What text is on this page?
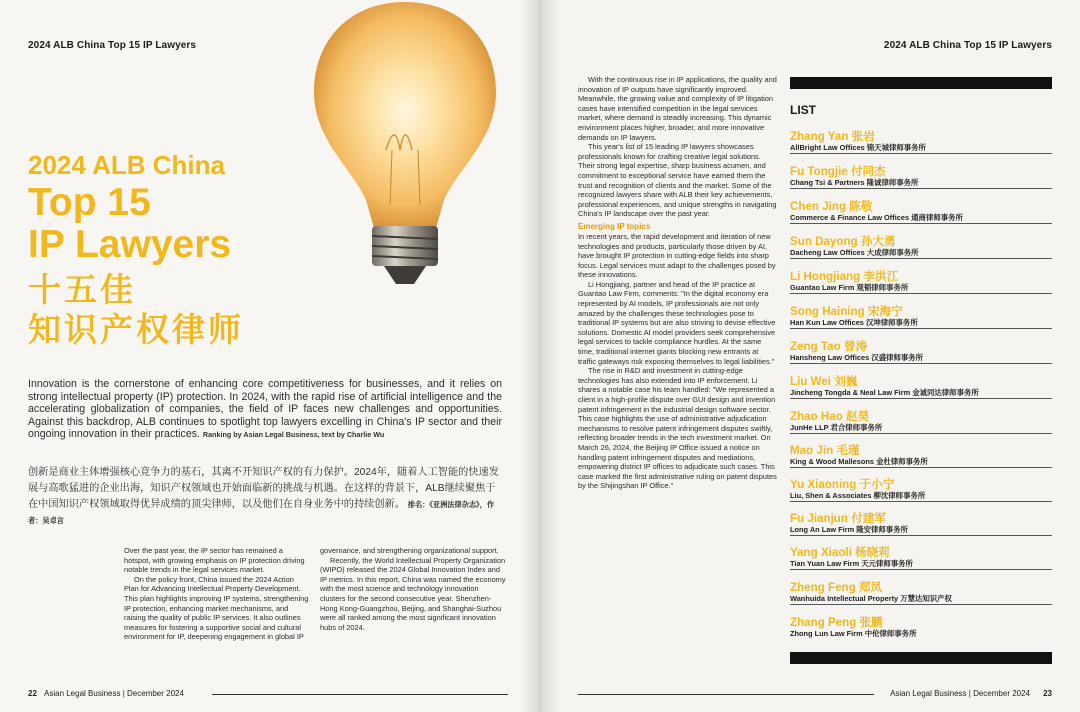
2024 ALB China Top 15 IP Lawyers
2024 ALB China
Top 15
IP Lawyers
十五佳
知识产权律师
Innovation is the cornerstone of enhancing core competitiveness for businesses, and it relies on strong intellectual property (IP) protection. In 2024, with the rapid rise of artificial intelligence and the accelerating globalization of companies, the field of IP faces new challenges and opportunities. Against this backdrop, ALB continues to spotlight top lawyers excelling in China's IP sector and their ongoing innovation in their practices. Ranking by Asian Legal Business, text by Charlie Wu
创新是商业主体增强核心竞争力的基石，其离不开知识产权的有力保护。2024年，随着人工智能的快速发展与高歌猛进的企业出海，知识产权领域也开始面临新的挑战与机遇。在这样的背景下，ALB继续聚焦于在中国知识产权领域取得优异成绩的顶尖律师，以及他们在自身业务中的持续创新。 排名：《亚洲法律杂志》，作者：吴卓言

Over the past year, the IP sector has remained a hotspot, with growing emphasis on IP protection driving notable trends in the legal services market.

On the policy front, China issued the 2024 Action Plan for Advancing Intellectual Property Development. This plan highlights improving IP systems, strengthening IP protection, enhancing market mechanisms, and raising the quality of public IP services. It also outlines measures for fostering a supportive social and cultural environment for IP, deepening engagement in global IP

governance, and strengthening organizational support.

Recently, the World Intellectual Property Organization (WIPO) released the 2024 Global Innovation Index and IP metrics. In this report, China was named the economy with the most science and technology innovation clusters for the second consecutive year. Shenzhen-Hong Kong-Guangzhou, Beijing, and Shanghai-Suzhou were all ranked among the most significant innovation hubs of 2024.

22 Asian Legal Business | December 2024
2024 ALB China Top 15 IP Lawyers

With the continuous rise in IP applications, the quality and innovation of IP outputs have significantly improved. Meanwhile, the growing value and complexity of IP litigation cases have intensified competition in the legal services market, where demand is steadily increasing. This dynamic environment places higher, broader, and more innovative demands on IP lawyers.

This year's list of 15 leading IP lawyers showcases professionals known for crafting creative legal solutions. Their strong legal expertise, sharp business acumen, and commitment to exceptional service have earned them the trust and recognition of clients and the market. Some of the recognized lawyers share with ALB their key achievements, professional experiences, and unique strengths in navigating China's IP landscape over the past year.

Emerging IP topics

In recent years, the rapid development and iteration of new technologies and products, particularly those driven by AI, have brought IP protection in cutting-edge fields into sharp focus. Legal services must adapt to the challenges posed by these innovations.

Li Hongjiang, partner and head of the IP practice at Guantao Law Firm, comments: "In the digital economy era represented by AI models, IP professionals are not only amazed by the challenges these technologies pose to traditional IP systems but are also striving to devise effective solutions. Domestic AI model providers seek comprehensive legal services to tackle compliance hurdles. At the same time, traditional internet giants blocking new entrants at traffic gateways risk exposing themselves to legal liabilities."

The rise in R&D and investment in cutting-edge technologies has also extended into IP enforcement. Li shares a notable case his team handled: "We represented a client in a high-profile dispute over GUI design and invention patent infringement in the industrial design software sector. This case highlights the use of administrative adjudication mechanisms to resolve patent infringement disputes swiftly, reflecting broader trends in the tech investment market. On March 26, 2024, the Beijing IP Office issued a notice on handling patent infringement disputes and mediations, empowering district IP offices to adjudicate such cases. This case marked the first administrative ruling on patent disputes by the Shijingshan IP Office."

LIST
Zhang Yan 张岩
AllBright Law Offices 锦天城律师事务所
Fu Tongjie 付同杰
Chang Tsi & Partners 隆诚律师事务所
Chen Jing 陈敬
Commerce & Finance Law Offices 通商律师事务所
Sun Dayong 孙大勇
Dacheng Law Offices 大成律师事务所
Li Hongjiang 李洪江
Guantao Law Firm 观韬律师事务所
Song Haining 宋海宁
Han Kun Law Offices 汉坤律师事务所
Zeng Tao 曾涛
Hansheng Law Offices 汉盛律师事务所
Liu Wei 刘巍
Jincheng Tongda & Neal Law Firm 金诚同达律师事务所
Zhao Hao 赵昊
JunHe LLP 君合律师事务所
Mao Jin 毛瑾
King & Wood Mallesons 金杜律师事务所
Yu Xiaoning 于小宁
Liu, Shen & Associates 柳沈律师事务所
Fu Jianjun 付建军
Long An Law Firm 隆安律师事务所
Yang Xiaoli 杨晓莉
Tian Yuan Law Firm 天元律师事务所
Zheng Feng 郑凤
Wanhuida Intellectual Property 万慧达知识产权
Zhang Peng 张鹏
Zhong Lun Law Firm 中伦律师事务所
Asian Legal Business | December 2024 23
